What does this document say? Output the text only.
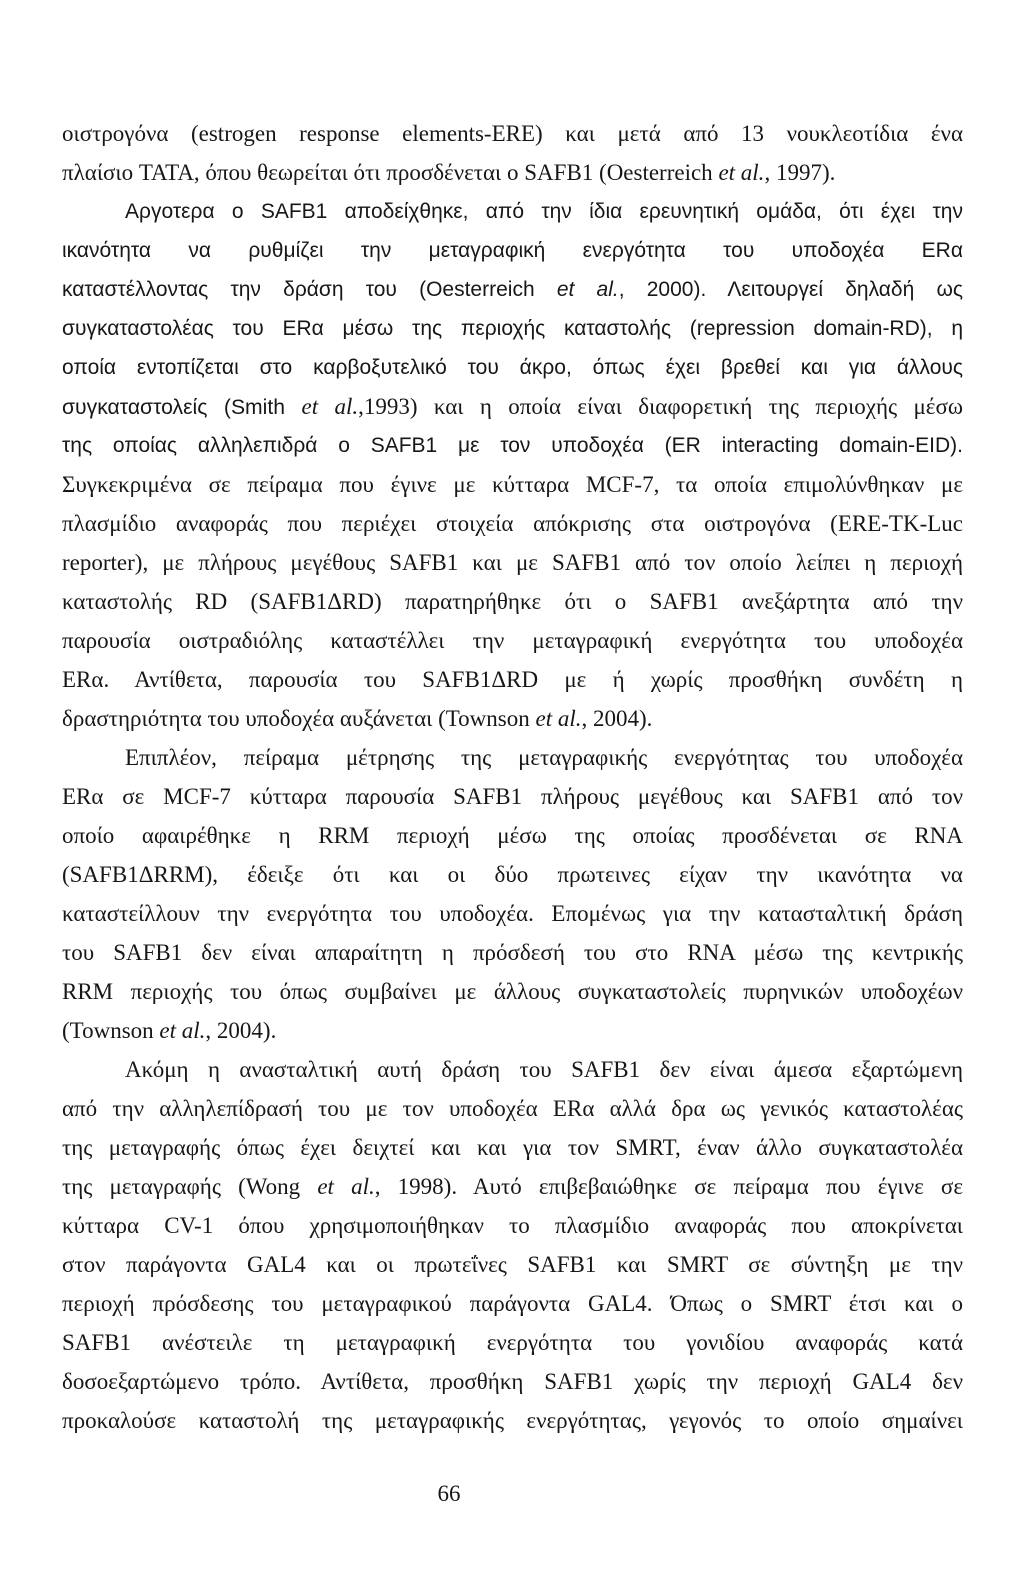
οιστρογόνα (estrogen response elements-ERE) και μετά από 13 νουκλεοτίδια ένα
πλαίσιο TATA, όπου θεωρείται ότι προσδένεται ο SAFB1 (Oesterreich et al., 1997).
Αργοτερα ο SAFB1 αποδείχθηκε, από την ίδια ερευνητική ομάδα, ότι έχει την
ικανότητα να ρυθμίζει την μεταγραφική ενεργότητα του υποδοχέα ERα
καταστέλλοντας την δράση του (Oesterreich et al., 2000). Λειτουργεί δηλαδή ως
συγκαταστολέας του ERα μέσω της περιοχής καταστολής (repression domain-RD), η
οποία εντοπίζεται στο καρβοξυτελικό του άκρο, όπως έχει βρεθεί και για άλλους
συγκαταστολείς (Smith et al.,1993) και η οποία είναι διαφορετική της περιοχής μέσω
της οποίας αλληλεπιδρά ο SAFB1 με τον υποδοχέα (ER interacting domain-EID).
Συγκεκριμένα σε πείραμα που έγινε με κύτταρα MCF-7, τα οποία επιμολύνθηκαν με
πλασμίδιο αναφοράς που περιέχει στοιχεία απόκρισης στα οιστρογόνα (ERE-TK-Luc
reporter), με πλήρους μεγέθους SAFB1 και με SAFB1 από τον οποίο λείπει η περιοχή
καταστολής RD (SAFB1ΔRD) παρατηρήθηκε ότι ο SAFB1 ανεξάρτητα από την
παρουσία οιστραδιόλης καταστέλλει την μεταγραφική ενεργότητα του υποδοχέα
ERα. Αντίθετα, παρουσία του SAFB1ΔRD με ή χωρίς προσθήκη συνδέτη η
δραστηριότητα του υποδοχέα αυξάνεται (Townson et al., 2004).
Επιπλέον, πείραμα μέτρησης της μεταγραφικής ενεργότητας του υποδοχέα
ERα σε MCF-7 κύτταρα παρουσία SAFB1 πλήρους μεγέθους και SAFB1 από τον
οποίο αφαιρέθηκε η RRM περιοχή μέσω της οποίας προσδένεται σε RNA
(SAFB1ΔRRM), έδειξε ότι και οι δύο πρωτεινες είχαν την ικανότητα να
καταστείλλουν την ενεργότητα του υποδοχέα. Επομένως για την κατασταλτική δράση
του SAFB1 δεν είναι απαραίτητη η πρόσδεσή του στο RNA μέσω της κεντρικής
RRM περιοχής του όπως συμβαίνει με άλλους συγκαταστολείς πυρηνικών υποδοχέων
(Townson et al., 2004).
Ακόμη η ανασταλτική αυτή δράση του SAFB1 δεν είναι άμεσα εξαρτώμενη
από την αλληλεπίδρασή του με τον υποδοχέα ERα αλλά δρα ως γενικός καταστολέας
της μεταγραφής όπως έχει δειχτεί και και για τον SMRT, έναν άλλο συγκαταστολέα
της μεταγραφής (Wong et al., 1998). Αυτό επιβεβαιώθηκε σε πείραμα που έγινε σε
κύτταρα CV-1 όπου χρησιμοποιήθηκαν το πλασμίδιο αναφοράς που αποκρίνεται
στον παράγοντα GAL4 και οι πρωτεΐνες SAFB1 και SMRT σε σύντηξη με την
περιοχή πρόσδεσης του μεταγραφικού παράγοντα GAL4. Όπως ο SMRT έτσι και ο
SAFB1 ανέστειλε τη μεταγραφική ενεργότητα του γονιδίου αναφοράς κατά
δοσοεξαρτώμενο τρόπο. Αντίθετα, προσθήκη SAFB1 χωρίς την περιοχή GAL4 δεν
προκαλούσε καταστολή της μεταγραφικής ενεργότητας, γεγονός το οποίο σημαίνει
66
